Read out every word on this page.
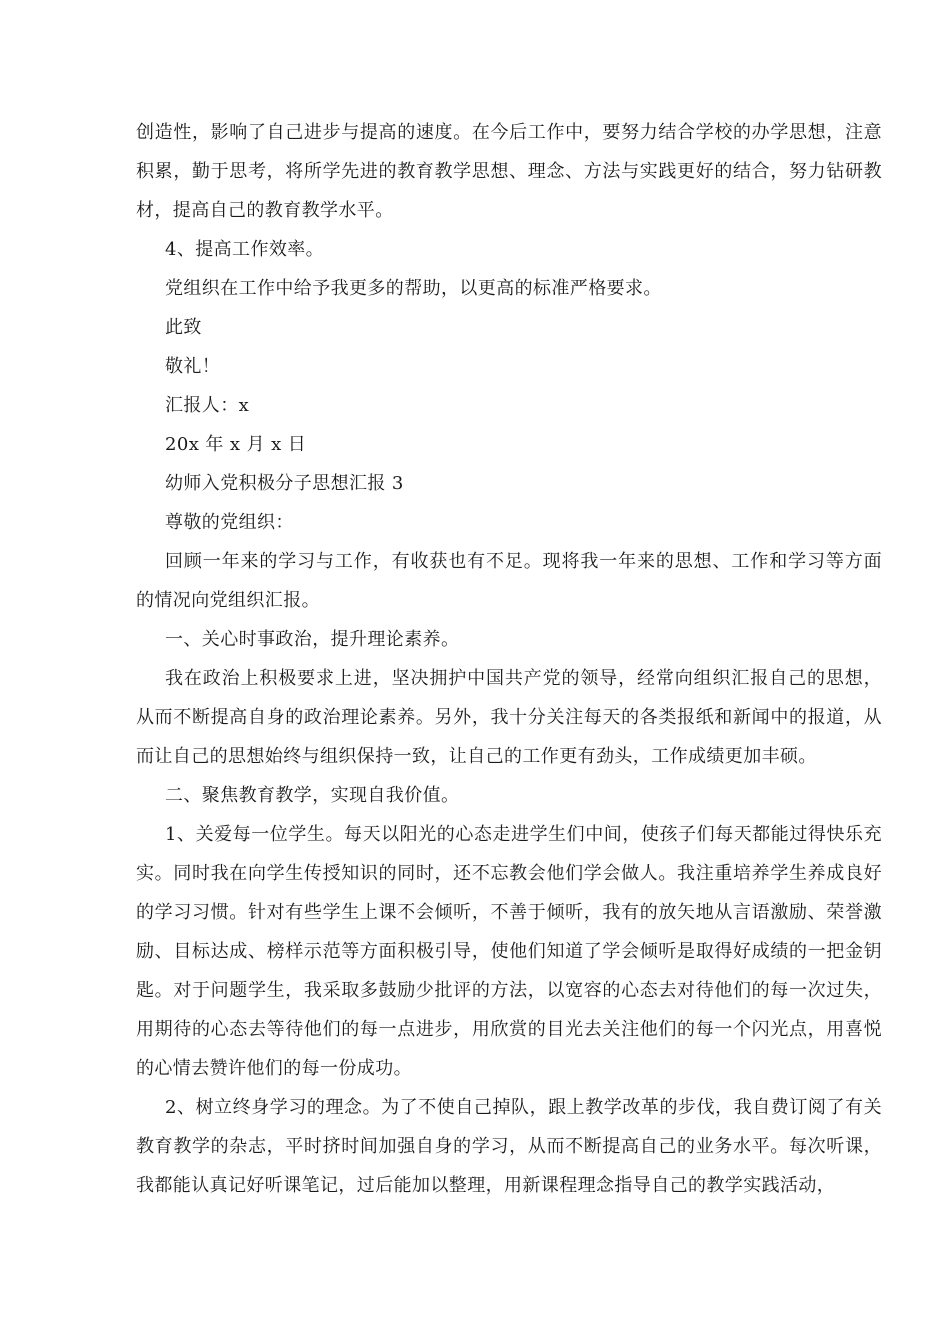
创造性，影响了自己进步与提高的速度。在今后工作中，要努力结合学校的办学思想，注意积累，勤于思考，将所学先进的教育教学思想、理念、方法与实践更好的结合，努力钻研教材，提高自己的教育教学水平。

4、提高工作效率。

党组织在工作中给予我更多的帮助，以更高的标准严格要求。

此致

敬礼！

汇报人：x

20x 年 x 月 x 日

幼师入党积极分子思想汇报 3

尊敬的党组织：

回顾一年来的学习与工作，有收获也有不足。现将我一年来的思想、工作和学习等方面的情况向党组织汇报。

一、关心时事政治，提升理论素养。

我在政治上积极要求上进，坚决拥护中国共产党的领导，经常向组织汇报自己的思想，从而不断提高自身的政治理论素养。另外，我十分关注每天的各类报纸和新闻中的报道，从而让自己的思想始终与组织保持一致，让自己的工作更有劲头，工作成绩更加丰硕。

二、聚焦教育教学，实现自我价值。

1、关爱每一位学生。每天以阳光的心态走进学生们中间，使孩子们每天都能过得快乐充实。同时我在向学生传授知识的同时，还不忘教会他们学会做人。我注重培养学生养成良好的学习习惯。针对有些学生上课不会倾听，不善于倾听，我有的放矢地从言语激励、荣誉激励、目标达成、榜样示范等方面积极引导，使他们知道了学会倾听是取得好成绩的一把金钥匙。对于问题学生，我采取多鼓励少批评的方法，以宽容的心态去对待他们的每一次过失，用期待的心态去等待他们的每一点进步，用欣赏的目光去关注他们的每一个闪光点，用喜悦的心情去赞许他们的每一份成功。

2、树立终身学习的理念。为了不使自己掉队，跟上教学改革的步伐，我自费订阅了有关教育教学的杂志，平时挤时间加强自身的学习，从而不断提高自己的业务水平。每次听课，我都能认真记好听课笔记，过后能加以整理，用新课程理念指导自己的教学实践活动，
